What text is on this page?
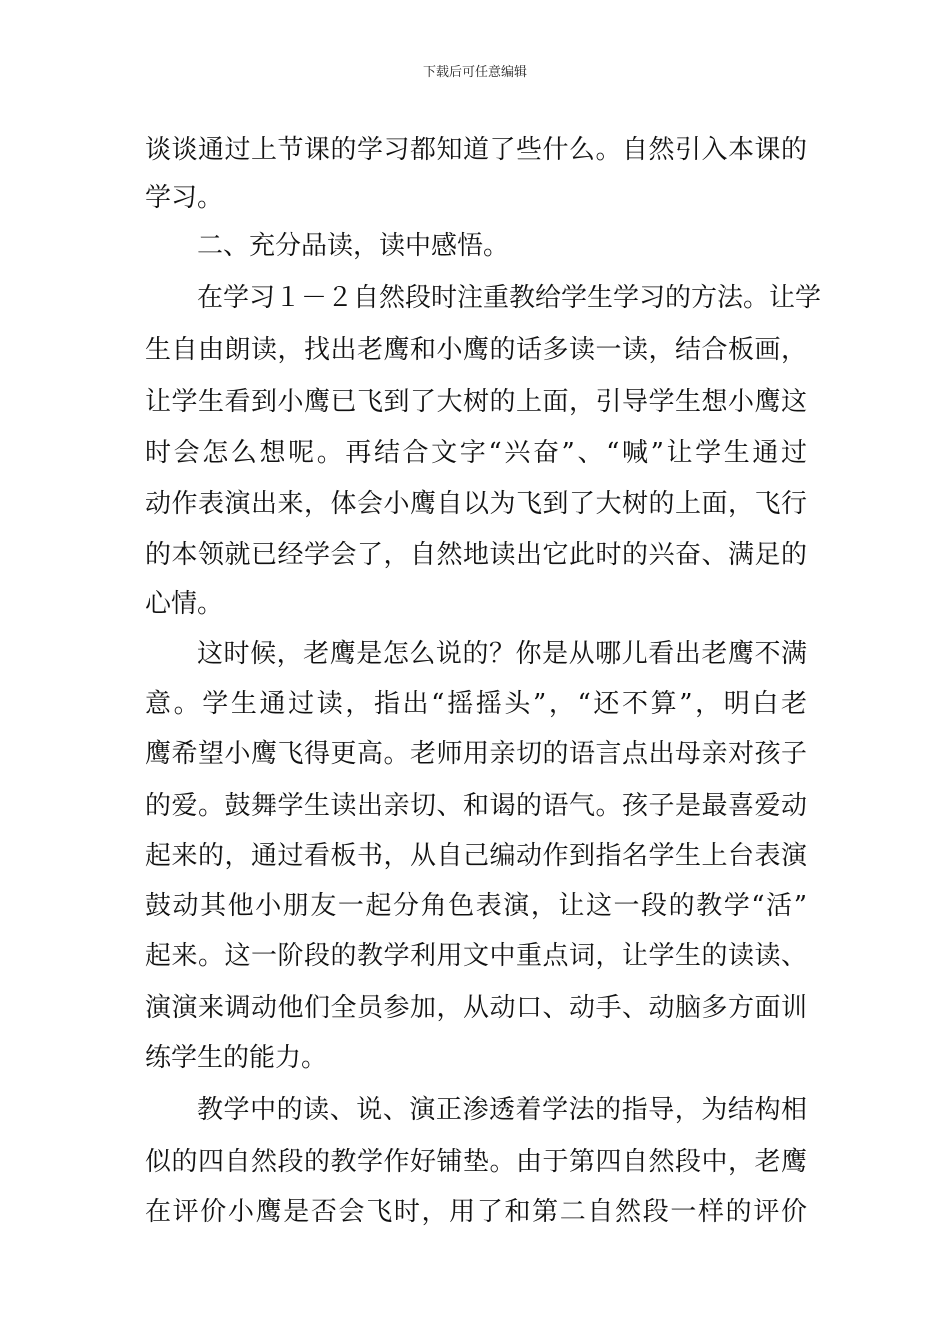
下载后可任意编辑
谈谈通过上节课的学习都知道了些什么。自然引入本课的
学习。
二、充分品读，读中感悟。
在学习１－２自然段时注重教给学生学习的方法。让学
生自由朗读，找出老鹰和小鹰的话多读一读，结合板画，
让学生看到小鹰已飞到了大树的上面，引导学生想小鹰这
时会怎么想呢。再结合文字“兴奋”、“喊”让学生通过
动作表演出来，体会小鹰自以为飞到了大树的上面，飞行
的本领就已经学会了，自然地读出它此时的兴奋、满足的
心情。
这时候，老鹰是怎么说的？你是从哪儿看出老鹰不满
意。学生通过读，指出“摇摇头”，“还不算”，明白老
鹰希望小鹰飞得更高。老师用亲切的语言点出母亲对孩子
的爱。鼓舞学生读出亲切、和谒的语气。孩子是最喜爱动
起来的，通过看板书，从自己编动作到指名学生上台表演
鼓动其他小朋友一起分角色表演，让这一段的教学“活”
起来。这一阶段的教学利用文中重点词，让学生的读读、
演演来调动他们全员参加，从动口、动手、动脑多方面训
练学生的能力。
教学中的读、说、演正渗透着学法的指导，为结构相
似的四自然段的教学作好铺垫。由于第四自然段中，老鹰
在评价小鹰是否会飞时，用了和第二自然段一样的评价
